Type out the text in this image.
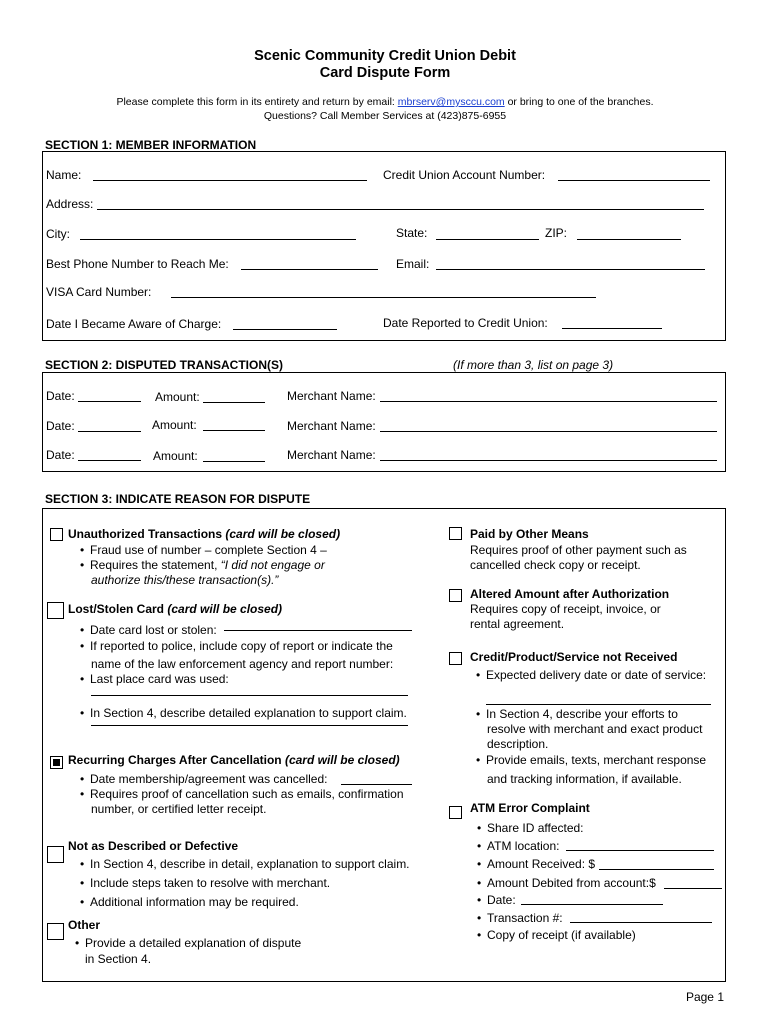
Scenic Community Credit Union Debit
Card Dispute Form
Please complete this form in its entirety and return by email: mbrserv@mysccu.com or bring to one of the branches.
Questions? Call Member Services at (423)875-6955
SECTION 1: MEMBER INFORMATION
Name:	Credit Union Account Number:
Address:
City:	State:	ZIP:
Best Phone Number to Reach Me:	Email:
VISA Card Number:
Date I Became Aware of Charge:	Date Reported to Credit Union:
SECTION 2: DISPUTED TRANSACTION(S)	(If more than 3, list on page 3)
Date:	Amount:	Merchant Name:
Date:	Amount:	Merchant Name:
Date:	Amount:	Merchant Name:
SECTION 3: INDICATE REASON FOR DISPUTE
Unauthorized Transactions (card will be closed)
• Fraud use of number – complete Section 4 –
• Requires the statement, “I did not engage or
authorize this/these transaction(s).”
Lost/Stolen Card (card will be closed)
• Date card lost or stolen:
• If reported to police, include copy of report or indicate the
name of the law enforcement agency and report number:
• Last place card was used:
• In Section 4, describe detailed explanation to support claim.
Recurring Charges After Cancellation (card will be closed)
• Date membership/agreement was cancelled:
• Requires proof of cancellation such as emails, confirmation
number, or certified letter receipt.
Not as Described or Defective
• In Section 4, describe in detail, explanation to support claim.
• Include steps taken to resolve with merchant.
• Additional information may be required.
Other
• Provide a detailed explanation of dispute
in Section 4.
Paid by Other Means
Requires proof of other payment such as
cancelled check copy or receipt.
Altered Amount after Authorization
Requires copy of receipt, invoice, or
rental agreement.
Credit/Product/Service not Received
• Expected delivery date or date of service:
• In Section 4, describe your efforts to
resolve with merchant and exact product
description.
• Provide emails, texts, merchant response
and tracking information, if available.
ATM Error Complaint
• Share ID affected:
• ATM location:
• Amount Received: $
• Amount Debited from account:$
• Date:
• Transaction #:
• Copy of receipt (if available)
Page 1
